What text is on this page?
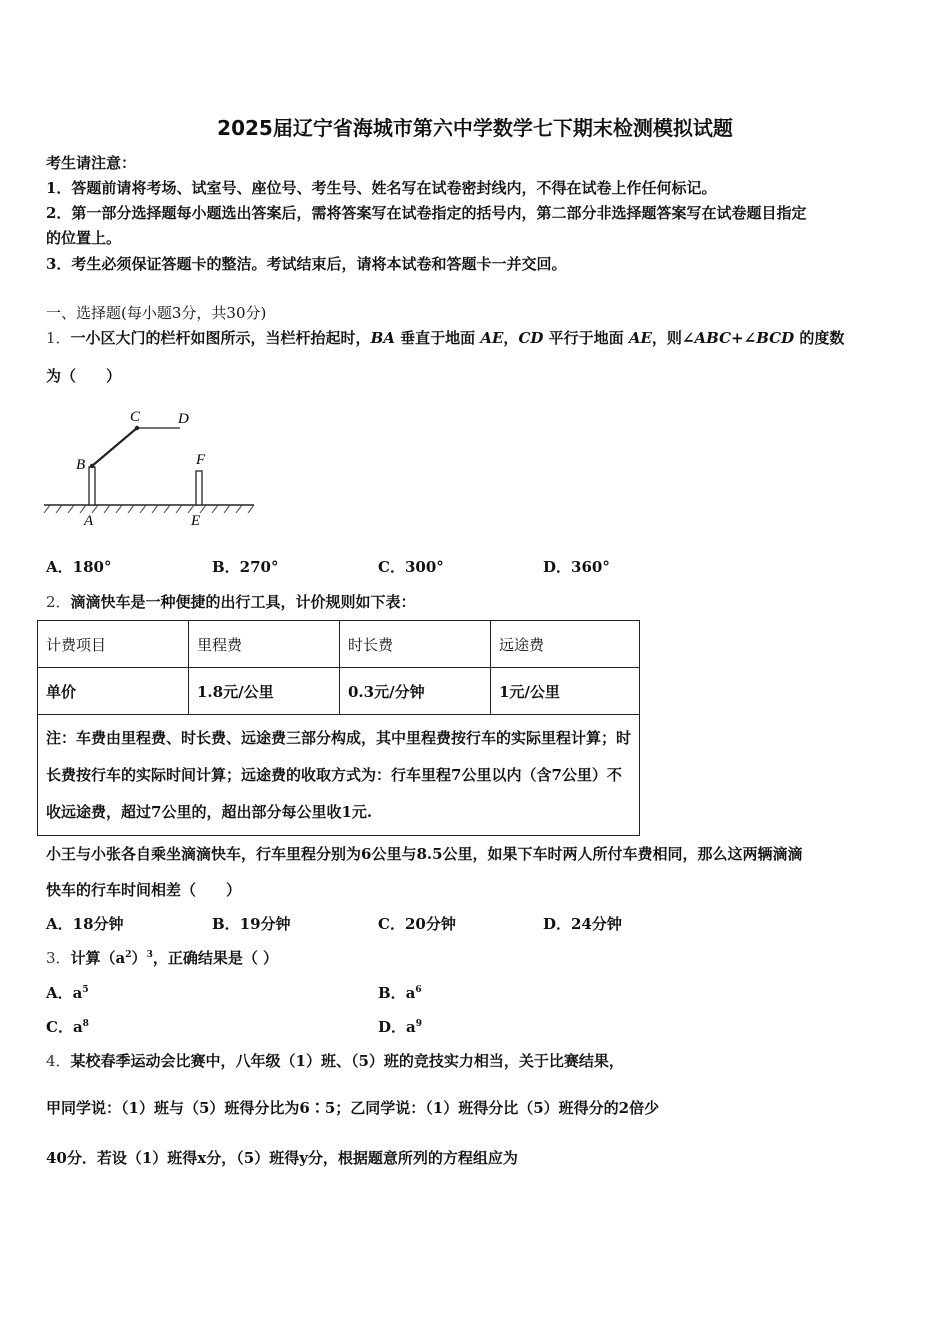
2025届辽宁省海城市第六中学数学七下期末检测模拟试题
考生请注意：
1．答题前请将考场、试室号、座位号、考生号、姓名写在试卷密封线内，不得在试卷上作任何标记。
2．第一部分选择题每小题选出答案后，需将答案写在试卷指定的括号内，第二部分非选择题答案写在试卷题目指定
的位置上。
3．考生必须保证答题卡的整洁。考试结束后，请将本试卷和答题卡一并交回。
一、选择题(每小题3分，共30分)
1．一小区大门的栏杆如图所示，当栏杆抬起时，BA 垂直于地面 AE，CD 平行于地面 AE，则∠ABC+∠BCD 的度数
为（　　）
C	D
B	F
A	E
A．180°	B．270°	C．300°	D．360°
2．滴滴快车是一种便捷的出行工具，计价规则如下表：
计费项目	里程费	时长费	远途费
单价	1.8元/公里	0.3元/分钟	1元/公里
注：车费由里程费、时长费、远途费三部分构成，其中里程费按行车的实际里程计算；时长费按行车的实际时间计算；远途费的收取方式为：行车里程7公里以内（含7公里）不收远途费，超过7公里的，超出部分每公里收1元.			
小王与小张各自乘坐滴滴快车，行车里程分别为6公里与8.5公里，如果下车时两人所付车费相同，那么这两辆滴滴
快车的行车时间相差（　　）
A．18分钟	B．19分钟	C．20分钟	D．24分钟
3．计算$(a^2)^3$，正确结果是（ ）
A．$a^5$	B．$a^6$
C．$a^8$	D．$a^9$
4．某校春季运动会比赛中，八年级（1）班、（5）班的竞技实力相当，关于比赛结果，
甲同学说：（1）班与（5）班得分比为6∶5；乙同学说：（1）班得分比（5）班得分的2倍少
40分．若设（1）班得x分，（5）班得y分，根据题意所列的方程组应为
